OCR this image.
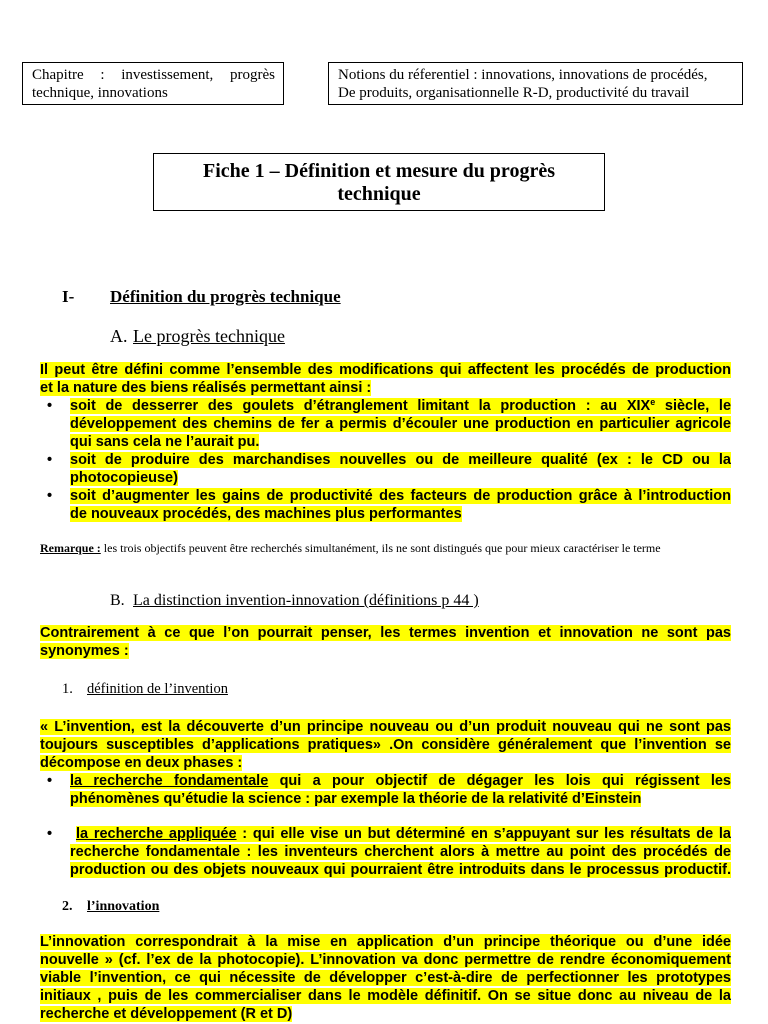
Chapitre : investissement, progrès
technique, innovations
Notions du réferentiel : innovations, innovations de procédés,
De produits, organisationnelle R-D, productivité du travail
Fiche 1 – Définition et mesure du progrès
technique
I- Définition du progrès technique
A. Le progrès technique
Il peut être défini comme l’ensemble des modifications qui affectent les procédés de production
et la nature des biens réalisés permettant ainsi :
• soit de desserrer des goulets d’étranglement limitant la production : au XIXe siècle, le
développement des chemins de fer a permis d’écouler une production en particulier agricole
qui sans cela ne l’aurait pu.
• soit de produire des marchandises nouvelles ou de meilleure qualité (ex : le CD ou la
photocopieuse)
• soit d’augmenter les gains de productivité des facteurs de production grâce à l’introduction
de nouveaux procédés, des machines plus performantes
Remarque : les trois objectifs peuvent être recherchés simultanément, ils ne sont distingués que pour mieux caractériser le terme
B. La distinction invention-innovation (définitions p 44 )
Contrairement à ce que l’on pourrait penser, les termes invention et innovation ne sont pas
synonymes :
1. définition de l’invention
« L’invention, est la découverte d’un principe nouveau ou d’un produit nouveau qui ne sont pas
toujours susceptibles d’applications pratiques» .On considère généralement que l’invention se
décompose en deux phases :
• la recherche fondamentale qui a pour objectif de dégager les lois qui régissent les
phénomènes qu’étudie la science : par exemple la théorie de la relativité d’Einstein
•	la recherche appliquée : qui elle vise un but déterminé en s’appuyant sur les résultats de la
recherche fondamentale : les inventeurs cherchent alors à mettre au point des procédés de
production ou des objets nouveaux qui pourraient être introduits dans le processus productif.
2. l’innovation
L’innovation correspondrait à la mise en application d’un principe théorique ou d’une idée
nouvelle » (cf. l’ex de la photocopie). L’innovation va donc permettre de rendre économiquement
viable l’invention, ce qui nécessite de développer c’est-à-dire de perfectionner les prototypes
initiaux , puis de les commercialiser dans le modèle définitif. On se situe donc au niveau de la
recherche et développement (R et D)
